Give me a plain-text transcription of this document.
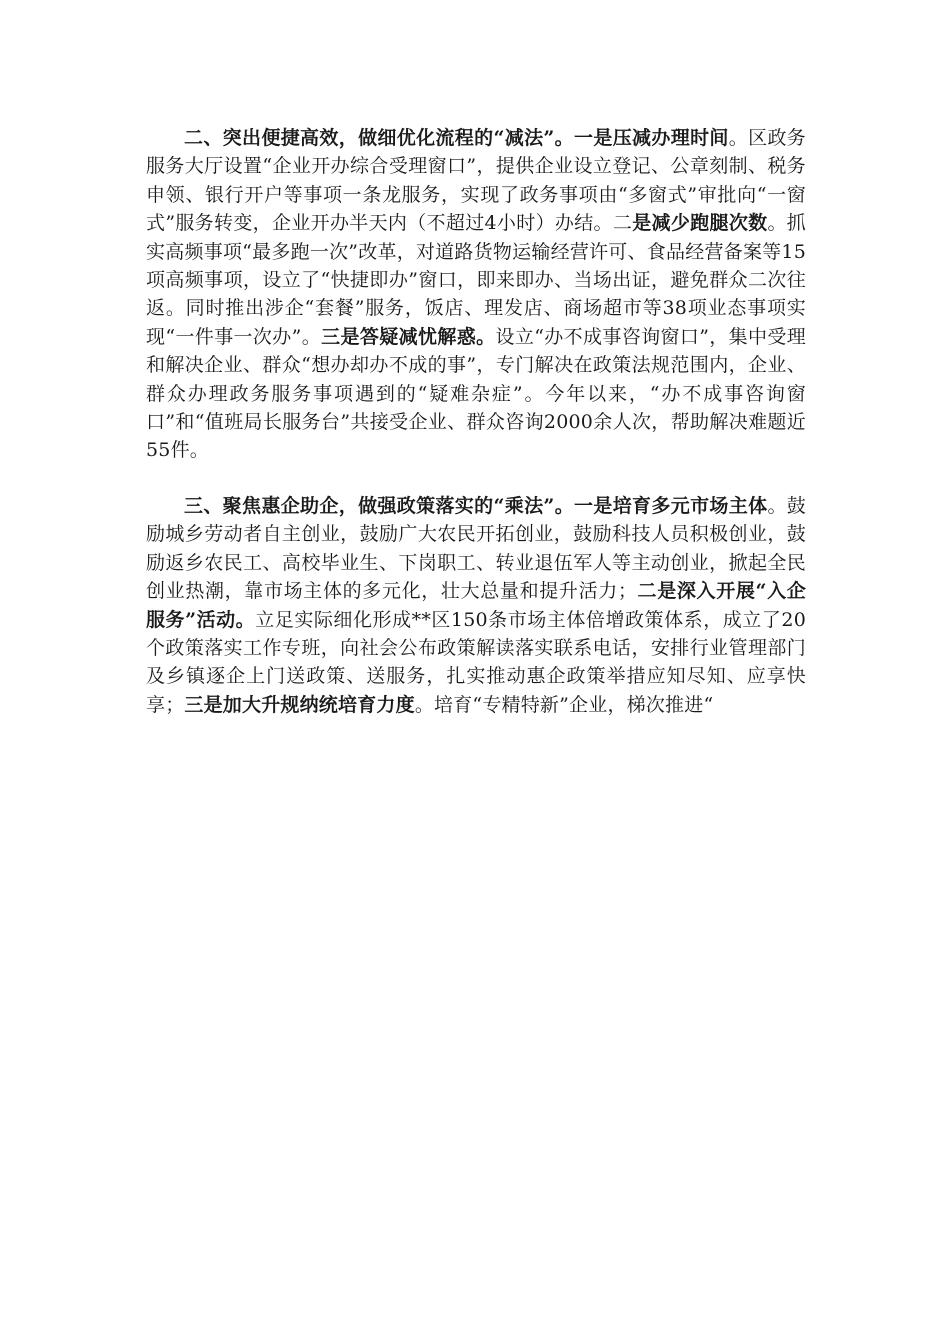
二、突出便捷高效，做细优化流程的“减法”。一是压减办理时间。区政务服务大厅设置“企业开办综合受理窗口”，提供企业设立登记、公章刻制、税务申领、银行开户等事项一条龙服务，实现了政务事项由“多窗式”审批向“一窗式”服务转变，企业开办半天内（不超过4小时）办结。二是减少跑腿次数。抓实高频事项“最多跑一次”改革，对道路货物运输经营许可、食品经营备案等15项高频事项，设立了“快捷即办”窗口，即来即办、当场出证，避免群众二次往返。同时推出涉企“套餐”服务，饭店、理发店、商场超市等38项业态事项实现“一件事一次办”。三是答疑减忧解惑。设立“办不成事咨询窗口”，集中受理和解决企业、群众“想办却办不成的事”，专门解决在政策法规范围内，企业、群众办理政务服务事项遇到的“疑难杂症”。今年以来，“办不成事咨询窗口”和“值班局长服务台”共接受企业、群众咨询2000余人次，帮助解决难题近55件。

三、聚焦惠企助企，做强政策落实的“乘法”。一是培育多元市场主体。鼓励城乡劳动者自主创业，鼓励广大农民开拓创业，鼓励科技人员积极创业，鼓励返乡农民工、高校毕业生、下岗职工、转业退伍军人等主动创业，掀起全民创业热潮，靠市场主体的多元化，壮大总量和提升活力；二是深入开展“入企服务”活动。立足实际细化形成**区150条市场主体倍增政策体系，成立了20个政策落实工作专班，向社会公布政策解读落实联系电话，安排行业管理部门及乡镇逐企上门送政策、送服务，扎实推动惠企政策举措应知尽知、应享快享；三是加大升规纳统培育力度。培育“专精特新”企业，梯次推进“
